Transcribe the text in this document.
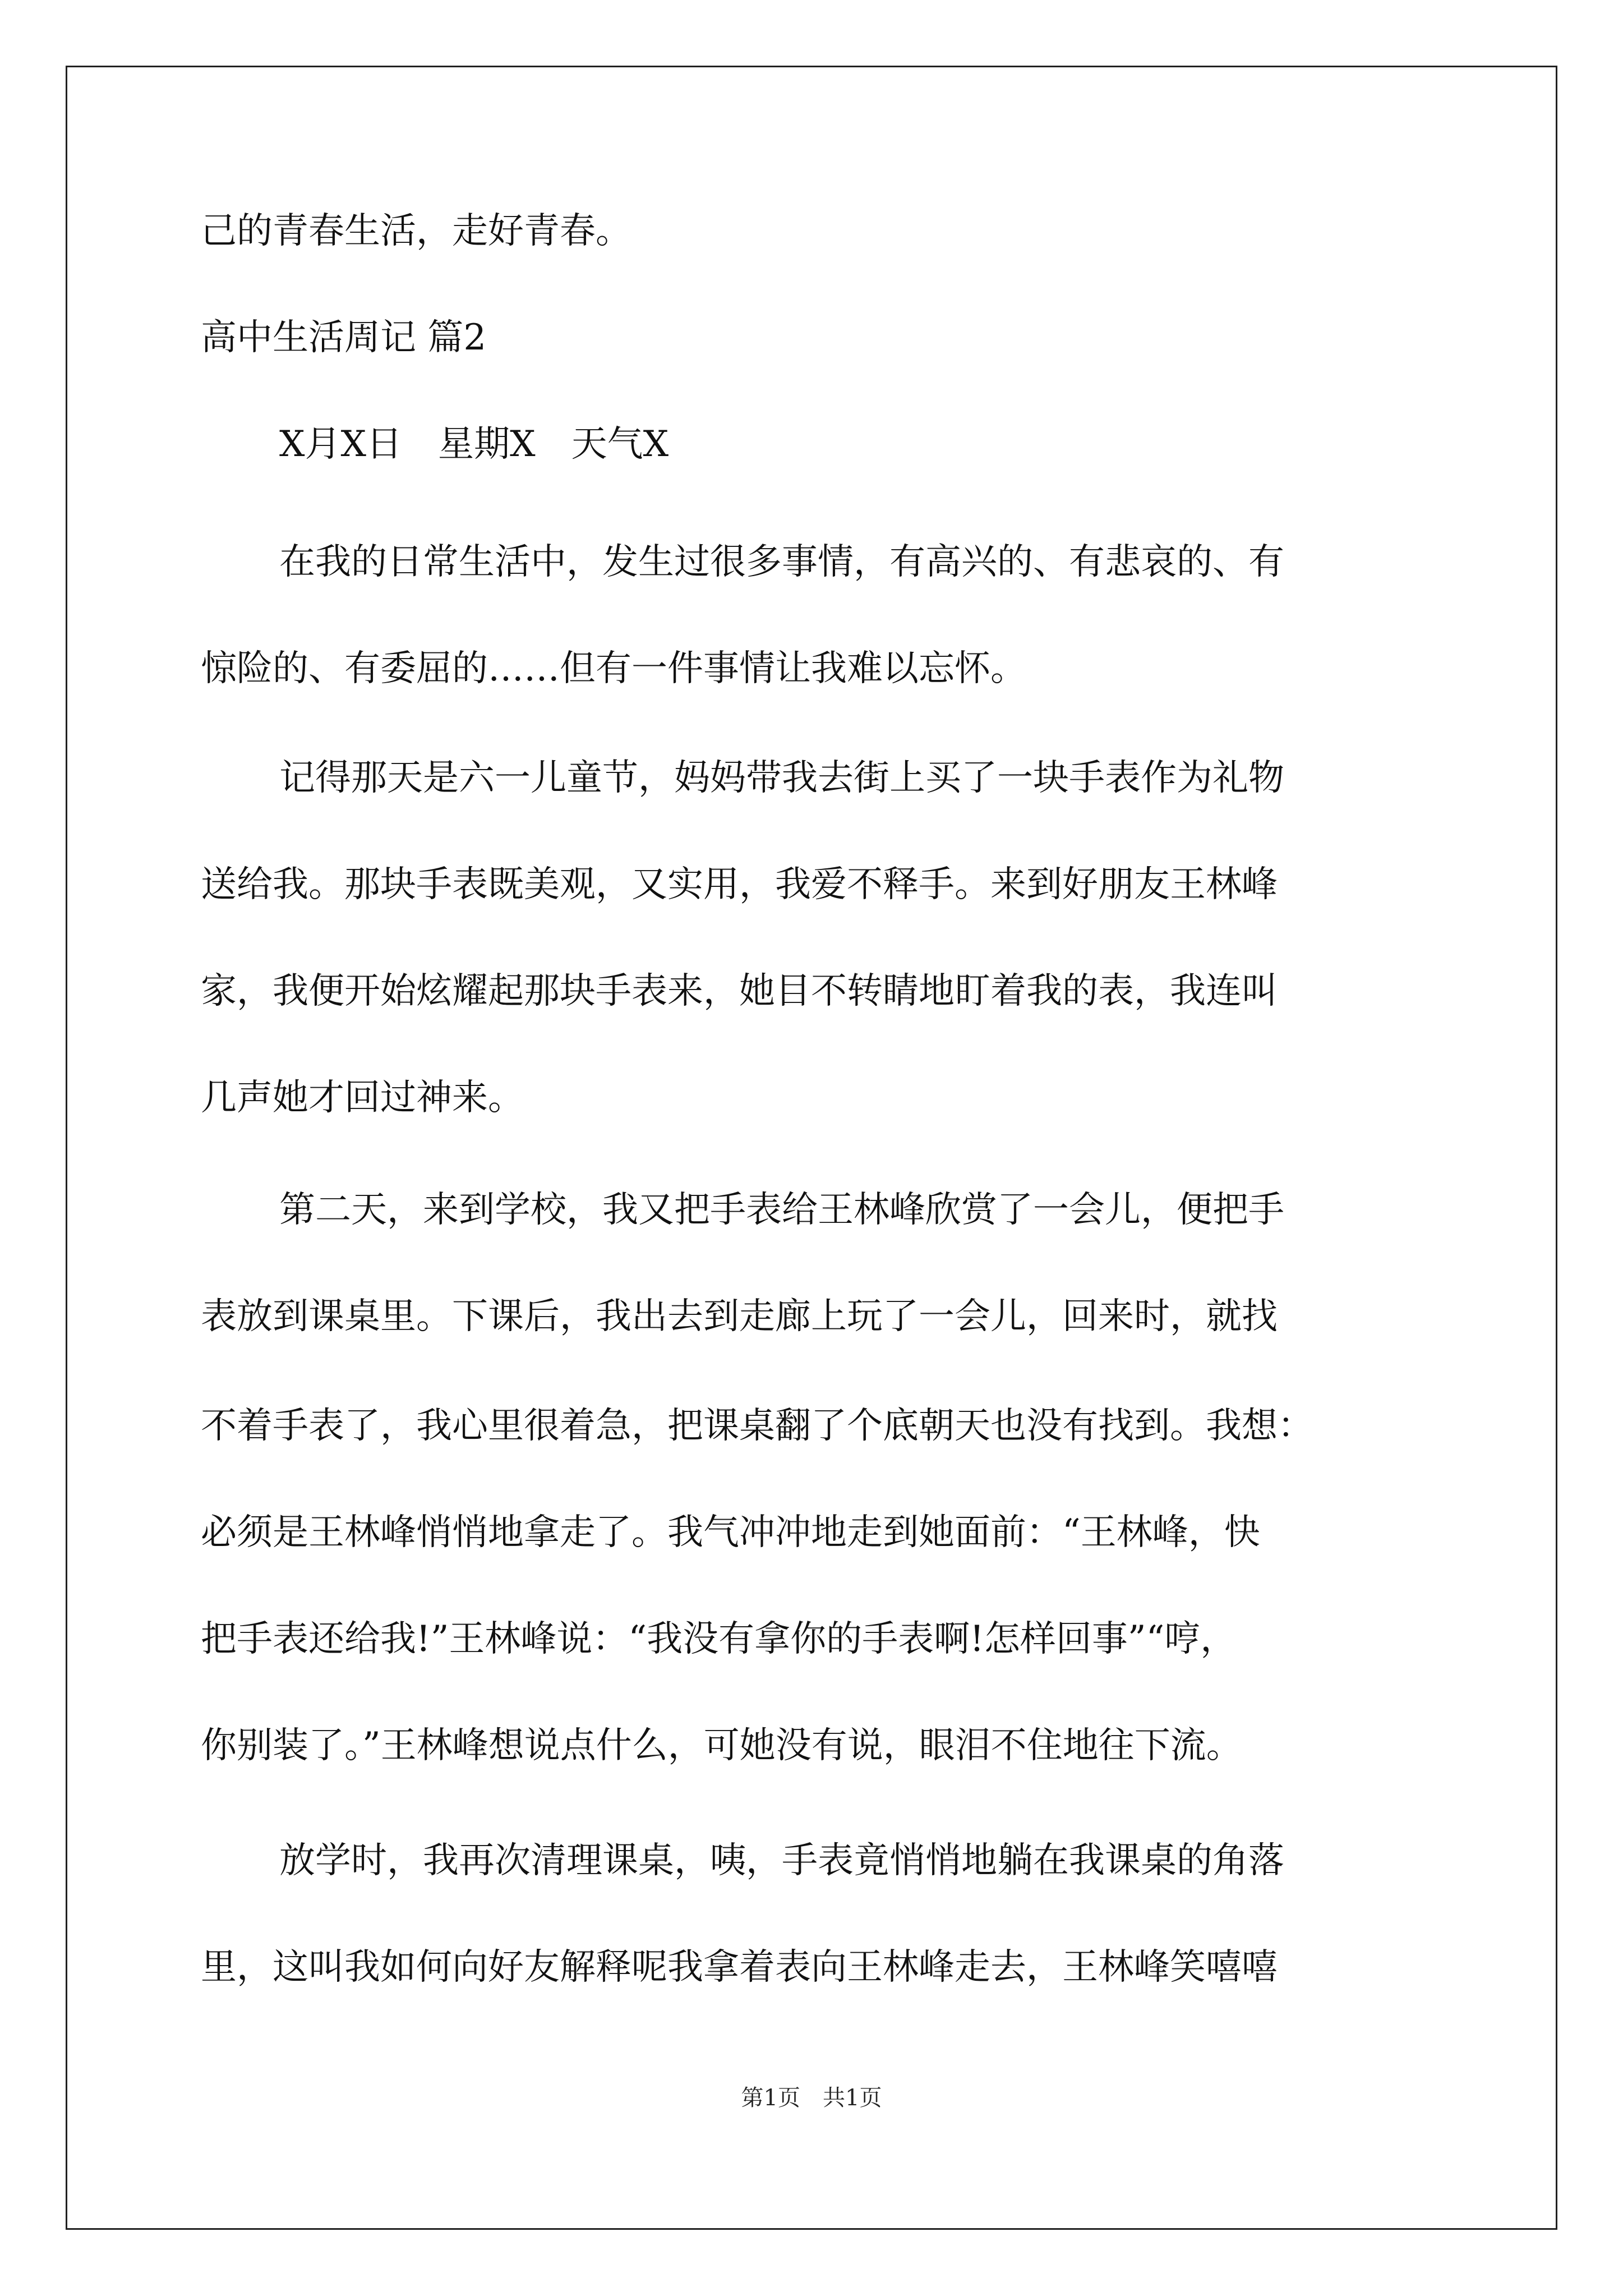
己的青春生活，走好青春。
高中生活周记 篇2
X月X日　星期X　天气X
在我的日常生活中，发生过很多事情，有高兴的、有悲哀的、有
惊险的、有委屈的……但有一件事情让我难以忘怀。
记得那天是六一儿童节，妈妈带我去街上买了一块手表作为礼物
送给我。那块手表既美观，又实用，我爱不释手。来到好朋友王林峰
家，我便开始炫耀起那块手表来，她目不转睛地盯着我的表，我连叫
几声她才回过神来。
第二天，来到学校，我又把手表给王林峰欣赏了一会儿，便把手
表放到课桌里。下课后，我出去到走廊上玩了一会儿，回来时，就找
不着手表了，我心里很着急，把课桌翻了个底朝天也没有找到。我想：
必须是王林峰悄悄地拿走了。我气冲冲地走到她面前：“王林峰，快
把手表还给我!”王林峰说：“我没有拿你的手表啊!怎样回事”“哼，
你别装了。”王林峰想说点什么，可她没有说，眼泪不住地往下流。
放学时，我再次清理课桌，咦，手表竟悄悄地躺在我课桌的角落
里，这叫我如何向好友解释呢我拿着表向王林峰走去，王林峰笑嘻嘻
第1页　共1页
